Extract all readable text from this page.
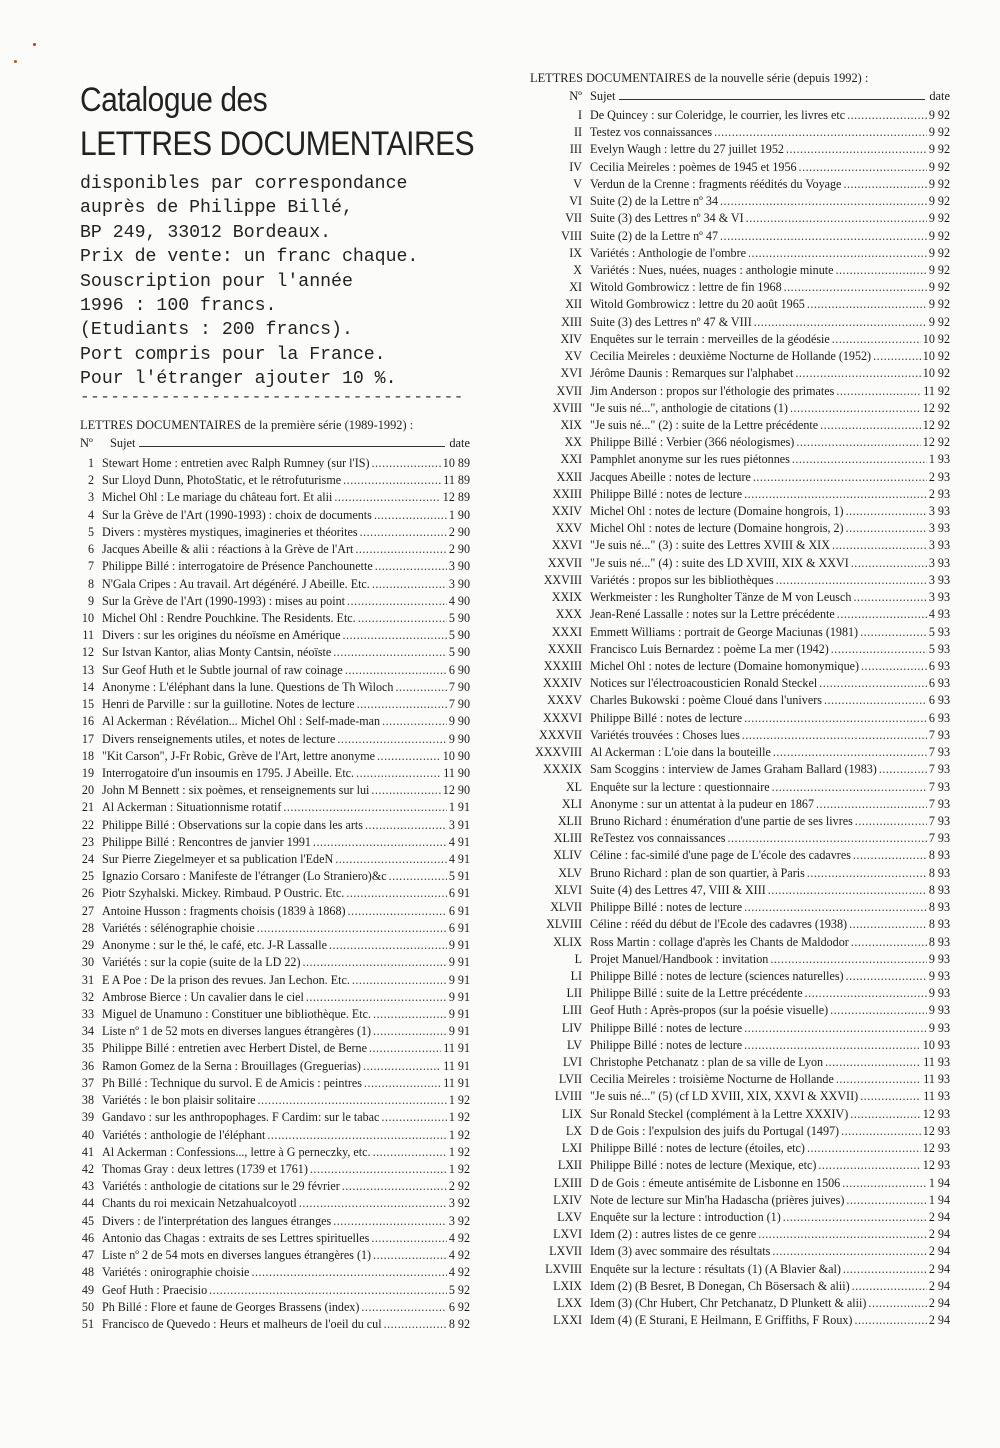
Catalogue des
LETTRES DOCUMENTAIRES
disponibles par correspondance
auprès de Philippe Billé,
BP 249, 33012 Bordeaux.
Prix de vente: un franc chaque.
Souscription pour l'année
1996 : 100 francs.
(Etudiants : 200 francs).
Port compris pour la France.
Pour l'étranger ajouter 10 %.
--------------------------------------
LETTRES DOCUMENTAIRES de la première série (1989-1992) :
Nº Sujet	date
1 Stewart Home : entretien avec Ralph Rumney (sur l'IS) .....	10 89
2 Sur Lloyd Dunn, PhotoStatic, et le rétrofuturisme .....	11 89
3 Michel Ohl : Le mariage du château fort. Et alii .....	12 89
4 Sur la Grève de l'Art (1990-1993) : choix de documents .....	1 90
5 Divers : mystères mystiques, imagineries et théorites .....	2 90
6 Jacques Abeille & alii : réactions à la Grève de l'Art .....	2 90
7 Philippe Billé : interrogatoire de Présence Panchounette .....	3 90
8 N'Gala Cripes : Au travail. Art dégénéré. J Abeille. Etc. .....	3 90
9 Sur la Grève de l'Art (1990-1993) : mises au point .....	4 90
10 Michel Ohl : Rendre Pouchkine. The Residents. Etc. .....	5 90
11 Divers : sur les origines du néoïsme en Amérique .....	5 90
12 Sur Istvan Kantor, alias Monty Cantsin, néoïste .....	5 90
13 Sur Geof Huth et le Subtle journal of raw coinage .....	6 90
14 Anonyme : L'éléphant dans la lune. Questions de Th Wiloch .....	7 90
15 Henri de Parville : sur la guillotine. Notes de lecture .....	7 90
16 Al Ackerman : Révélation... Michel Ohl : Self-made-man .....	9 90
17 Divers renseignements utiles, et notes de lecture .....	9 90
18 "Kit Carson", J-Fr Robic, Grève de l'Art, lettre anonyme .....	10 90
19 Interrogatoire d'un insoumis en 1795. J Abeille. Etc. .....	11 90
20 John M Bennett : six poèmes, et renseignements sur lui .....	12 90
21 Al Ackerman : Situationnisme rotatif .....	1 91
22 Philippe Billé : Observations sur la copie dans les arts .....	3 91
23 Philippe Billé : Rencontres de janvier 1991 .....	4 91
24 Sur Pierre Ziegelmeyer et sa publication l'EdeN .....	4 91
25 Ignazio Corsaro : Manifeste de l'étranger (Lo Straniero)&c .....	5 91
26 Piotr Szyhalski. Mickey. Rimbaud. P Oustric. Etc. .....	6 91
27 Antoine Husson : fragments choisis (1839 à 1868) .....	6 91
28 Variétés : sélénographie choisie .....	6 91
29 Anonyme : sur le thé, le café, etc. J-R Lassalle .....	9 91
30 Variétés : sur la copie (suite de la LD 22) .....	9 91
31 E A Poe : De la prison des revues. Jan Lechon. Etc. .....	9 91
32 Ambrose Bierce : Un cavalier dans le ciel .....	9 91
33 Miguel de Unamuno : Constituer une bibliothèque. Etc. .....	9 91
34 Liste nº 1 de 52 mots en diverses langues étrangères (1) .....	9 91
35 Philippe Billé : entretien avec Herbert Distel, de Berne .....	11 91
36 Ramon Gomez de la Serna : Brouillages (Greguerias) .....	11 91
37 Ph Billé : Technique du survol. E de Amicis : peintres .....	11 91
38 Variétés : le bon plaisir solitaire .....	1 92
39 Gandavo : sur les anthropophages. F Cardim: sur le tabac .....	1 92
40 Variétés : anthologie de l'éléphant .....	1 92
41 Al Ackerman : Confessions..., lettre à G perneczky, etc. .....	1 92
42 Thomas Gray : deux lettres (1739 et 1761) .....	1 92
43 Variétés : anthologie de citations sur le 29 février .....	2 92
44 Chants du roi mexicain Netzahualcoyotl .....	3 92
45 Divers : de l'interprétation des langues étranges .....	3 92
46 Antonio das Chagas : extraits de ses Lettres spirituelles .....	4 92
47 Liste nº 2 de 54 mots en diverses langues étrangères (1) .....	4 92
48 Variétés : onirographie choisie .....	4 92
49 Geof Huth : Praecisio .....	5 92
50 Ph Billé : Flore et faune de Georges Brassens (index) .....	6 92
51 Francisco de Quevedo : Heurs et malheurs de l'oeil du cul .....	8 92
LETTRES DOCUMENTAIRES de la nouvelle série (depuis 1992) :
Nº Sujet	date
I De Quincey : sur Coleridge, le courrier, les livres etc .....	9 92
II Testez vos connaissances .....	9 92
III Evelyn Waugh : lettre du 27 juillet 1952 .....	9 92
IV Cecilia Meireles : poèmes de 1945 et 1956 .....	9 92
V Verdun de la Crenne : fragments réédités du Voyage .....	9 92
VI Suite (2) de la Lettre nº 34 .....	9 92
VII Suite (3) des Lettres nº 34 & VI .....	9 92
VIII Suite (2) de la Lettre nº 47 .....	9 92
IX Variétés : Anthologie de l'ombre .....	9 92
X Variétés : Nues, nuées, nuages : anthologie minute .....	9 92
XI Witold Gombrowicz : lettre de fin 1968 .....	9 92
XII Witold Gombrowicz : lettre du 20 août 1965 .....	9 92
XIII Suite (3) des Lettres nº 47 & VIII .....	9 92
XIV Enquêtes sur le terrain : merveilles de la géodésie .....	10 92
XV Cecilia Meireles : deuxième Nocturne de Hollande (1952) .....	10 92
XVI Jérôme Daunis : Remarques sur l'alphabet .....	10 92
XVII Jim Anderson : propos sur l'éthologie des primates .....	11 92
XVIII "Je suis né...", anthologie de citations (1) .....	12 92
XIX "Je suis né..." (2) : suite de la Lettre précédente .....	12 92
XX Philippe Billé : Verbier (366 néologismes) .....	12 92
XXI Pamphlet anonyme sur les rues piétonnes .....	1 93
XXII Jacques Abeille : notes de lecture .....	2 93
XXIII Philippe Billé : notes de lecture .....	2 93
XXIV Michel Ohl : notes de lecture (Domaine hongrois, 1) .....	3 93
XXV Michel Ohl : notes de lecture (Domaine hongrois, 2) .....	3 93
XXVI "Je suis né..." (3) : suite des Lettres XVIII & XIX .....	3 93
XXVII "Je suis né..." (4) : suite des LD XVIII, XIX & XXVI .....	3 93
XXVIII Variétés : propos sur les bibliothèques .....	3 93
XXIX Werkmeister : les Rungholter Tänze de M von Leusch .....	3 93
XXX Jean-René Lassalle : notes sur la Lettre précédente .....	4 93
XXXI Emmett Williams : portrait de George Maciunas (1981) .....	5 93
XXXII Francisco Luis Bernardez : poème La mer (1942) .....	5 93
XXXIII Michel Ohl : notes de lecture (Domaine homonymique) .....	6 93
XXXIV Notices sur l'électroacousticien Ronald Steckel .....	6 93
XXXV Charles Bukowski : poème Cloué dans l'univers .....	6 93
XXXVI Philippe Billé : notes de lecture .....	6 93
XXXVII Variétés trouvées : Choses lues .....	7 93
XXXVIII Al Ackerman : L'oie dans la bouteille .....	7 93
XXXIX Sam Scoggins : interview de James Graham Ballard (1983) .....	7 93
XL Enquête sur la lecture : questionnaire .....	7 93
XLI Anonyme : sur un attentat à la pudeur en 1867 .....	7 93
XLII Bruno Richard : énumération d'une partie de ses livres .....	7 93
XLIII ReTestez vos connaissances .....	7 93
XLIV Céline : fac-similé d'une page de L'école des cadavres .....	8 93
XLV Bruno Richard : plan de son quartier, à Paris .....	8 93
XLVI Suite (4) des Lettres 47, VIII & XIII .....	8 93
XLVII Philippe Billé : notes de lecture .....	8 93
XLVIII Céline : rééd du début de l'Ecole des cadavres (1938) .....	8 93
XLIX Ross Martin : collage d'après les Chants de Maldodor .....	8 93
L Projet Manuel/Handbook : invitation .....	9 93
LI Philippe Billé : notes de lecture (sciences naturelles) .....	9 93
LII Philippe Billé : suite de la Lettre précédente .....	9 93
LIII Geof Huth : Après-propos (sur la poésie visuelle) .....	9 93
LIV Philippe Billé : notes de lecture .....	9 93
LV Philippe Billé : notes de lecture .....	10 93
LVI Christophe Petchanatz : plan de sa ville de Lyon .....	11 93
LVII Cecilia Meireles : troisième Nocturne de Hollande .....	11 93
LVIII "Je suis né..." (5) (cf LD XVIII, XIX, XXVI & XXVII) .....	11 93
LIX Sur Ronald Steckel (complément à la Lettre XXXIV) .....	12 93
LX D de Gois : l'expulsion des juifs du Portugal (1497) .....	12 93
LXI Philippe Billé : notes de lecture (étoiles, etc) .....	12 93
LXII Philippe Billé : notes de lecture (Mexique, etc) .....	12 93
LXIII D de Gois : émeute antisémite de Lisbonne en 1506 .....	1 94
LXIV Note de lecture sur Min'ha Hadascha (prières juives) .....	1 94
LXV Enquête sur la lecture : introduction (1) .....	2 94
LXVI Idem (2) : autres listes de ce genre .....	2 94
LXVII Idem (3) avec sommaire des résultats .....	2 94
LXVIII Enquête sur la lecture : résultats (1) (A Blavier &al) .....	2 94
LXIX Idem (2) (B Besret, B Donegan, Ch Bösersach & alii) .....	2 94
LXX Idem (3) (Chr Hubert, Chr Petchanatz, D Plunkett & alii) .....	2 94
LXXI Idem (4) (E Sturani, E Heilmann, E Griffiths, F Roux) .....	2 94
